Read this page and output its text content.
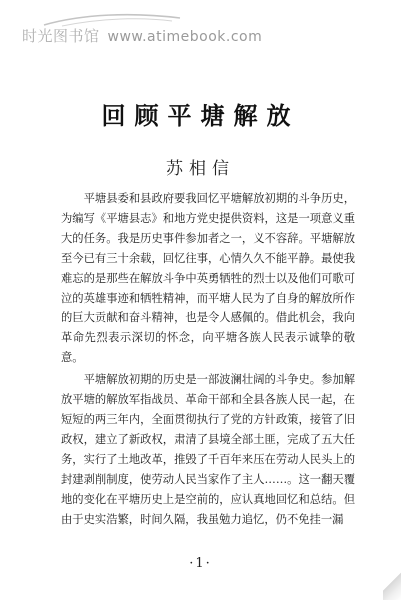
时光图书馆 www.atimebook.com
回顾平塘解放
苏相信

平塘县委和县政府要我回忆平塘解放初期的斗争历史，为编写《平塘县志》和地方党史提供资料，这是一项意义重大的任务。我是历史事件参加者之一，义不容辞。平塘解放至今已有三十余载，回忆往事，心情久久不能平静。最使我难忘的是那些在解放斗争中英勇牺牲的烈士以及他们可歌可泣的英雄事迹和牺牲精神，而平塘人民为了自身的解放所作的巨大贡献和奋斗精神，也是令人感佩的。借此机会，我向革命先烈表示深切的怀念，向平塘各族人民表示诚挚的敬意。

平塘解放初期的历史是一部波澜壮阔的斗争史。参加解放平塘的解放军指战员、革命干部和全县各族人民一起，在短短的两三年内，全面贯彻执行了党的方针政策，接管了旧政权，建立了新政权，肃清了县境全部土匪，完成了五大任务，实行了土地改革，推毁了千百年来压在劳动人民头上的封建剥削制度，使劳动人民当家作了主人……。这一翻天覆地的变化在平塘历史上是空前的，应认真地回忆和总结。但由于史实浩繁，时间久隔，我虽勉力追忆，仍不免挂一漏

·1·
